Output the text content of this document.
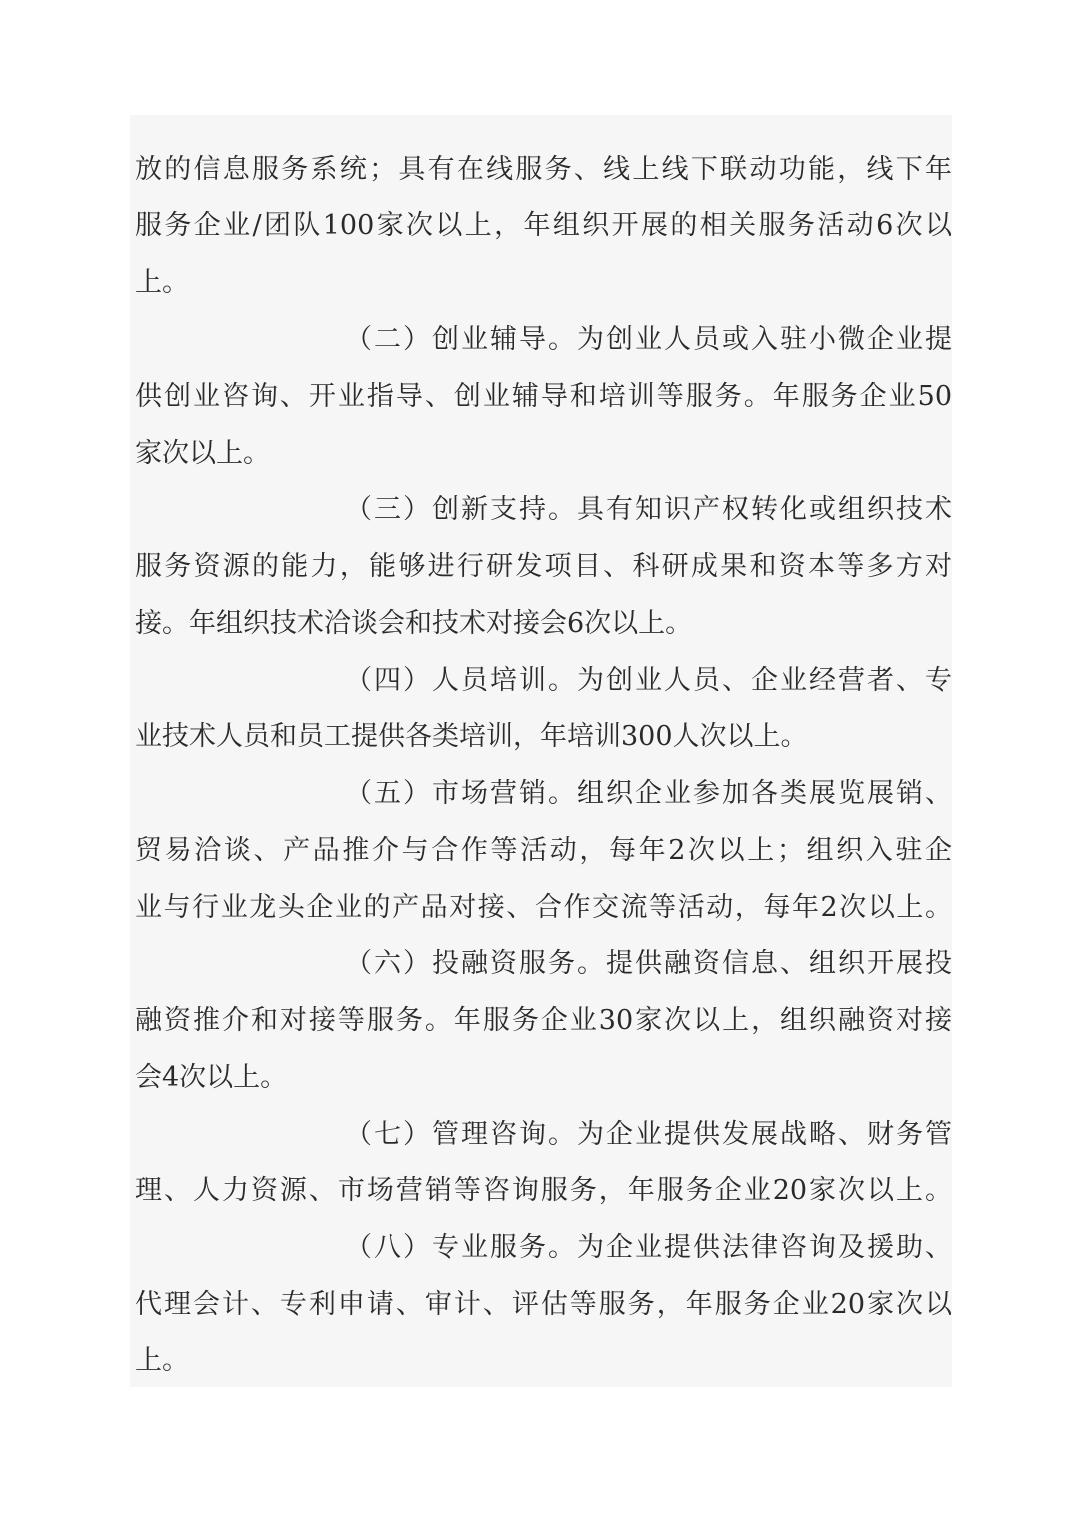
放的信息服务系统；具有在线服务、线上线下联动功能，线下年
服务企业/团队100家次以上，年组织开展的相关服务活动6次以
上。
（二）创业辅导。为创业人员或入驻小微企业提
供创业咨询、开业指导、创业辅导和培训等服务。年服务企业50
家次以上。
（三）创新支持。具有知识产权转化或组织技术
服务资源的能力，能够进行研发项目、科研成果和资本等多方对
接。年组织技术洽谈会和技术对接会6次以上。
（四）人员培训。为创业人员、企业经营者、专
业技术人员和员工提供各类培训，年培训300人次以上。
（五）市场营销。组织企业参加各类展览展销、
贸易洽谈、产品推介与合作等活动，每年2次以上；组织入驻企
业与行业龙头企业的产品对接、合作交流等活动，每年2次以上。
（六）投融资服务。提供融资信息、组织开展投
融资推介和对接等服务。年服务企业30家次以上，组织融资对接
会4次以上。
（七）管理咨询。为企业提供发展战略、财务管
理、人力资源、市场营销等咨询服务，年服务企业20家次以上。
（八）专业服务。为企业提供法律咨询及援助、
代理会计、专利申请、审计、评估等服务，年服务企业20家次以
上。
